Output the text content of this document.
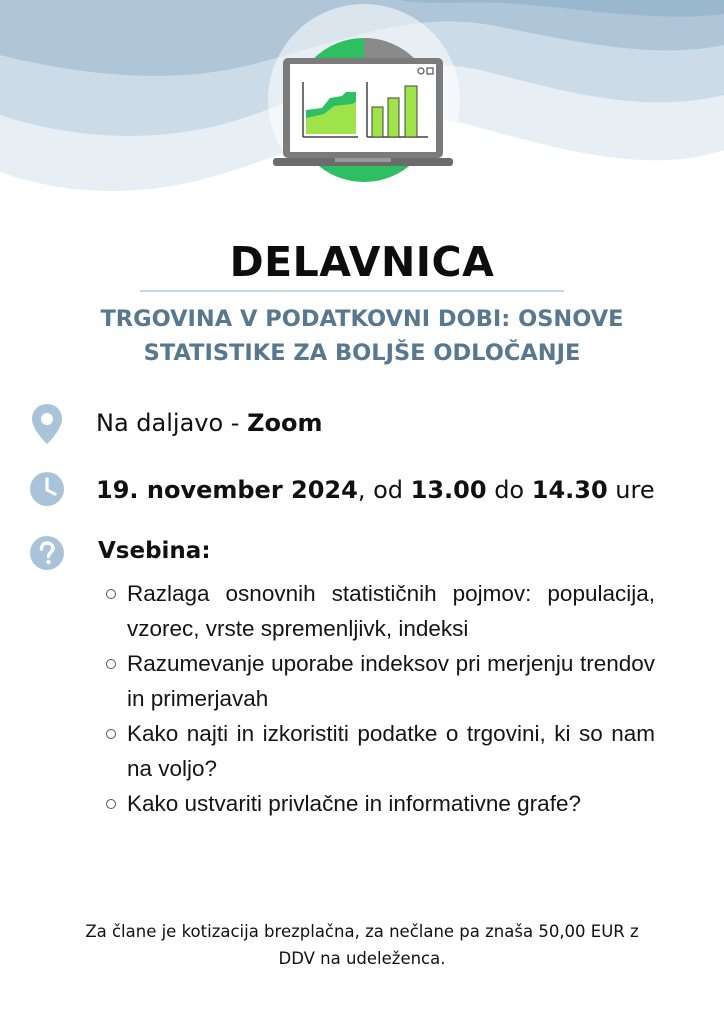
DELAVNICA
TRGOVINA V PODATKOVNI DOBI: OSNOVE
STATISTIKE ZA BOLJŠE ODLOČANJE
Na daljavo - Zoom
19. november 2024, od 13.00 do 14.30 ure
Vsebina:
Razlaga osnovnih statističnih pojmov: populacija, vzorec, vrste spremenljivk, indeksi
Razumevanje uporabe indeksov pri merjenju trendov in primerjavah
Kako najti in izkoristiti podatke o trgovini, ki so nam na voljo?
Kako ustvariti privlačne in informativne grafe?
Za člane je kotizacija brezplačna, za nečlane pa znaša 50,00 EUR z
DDV na udeleženca.
